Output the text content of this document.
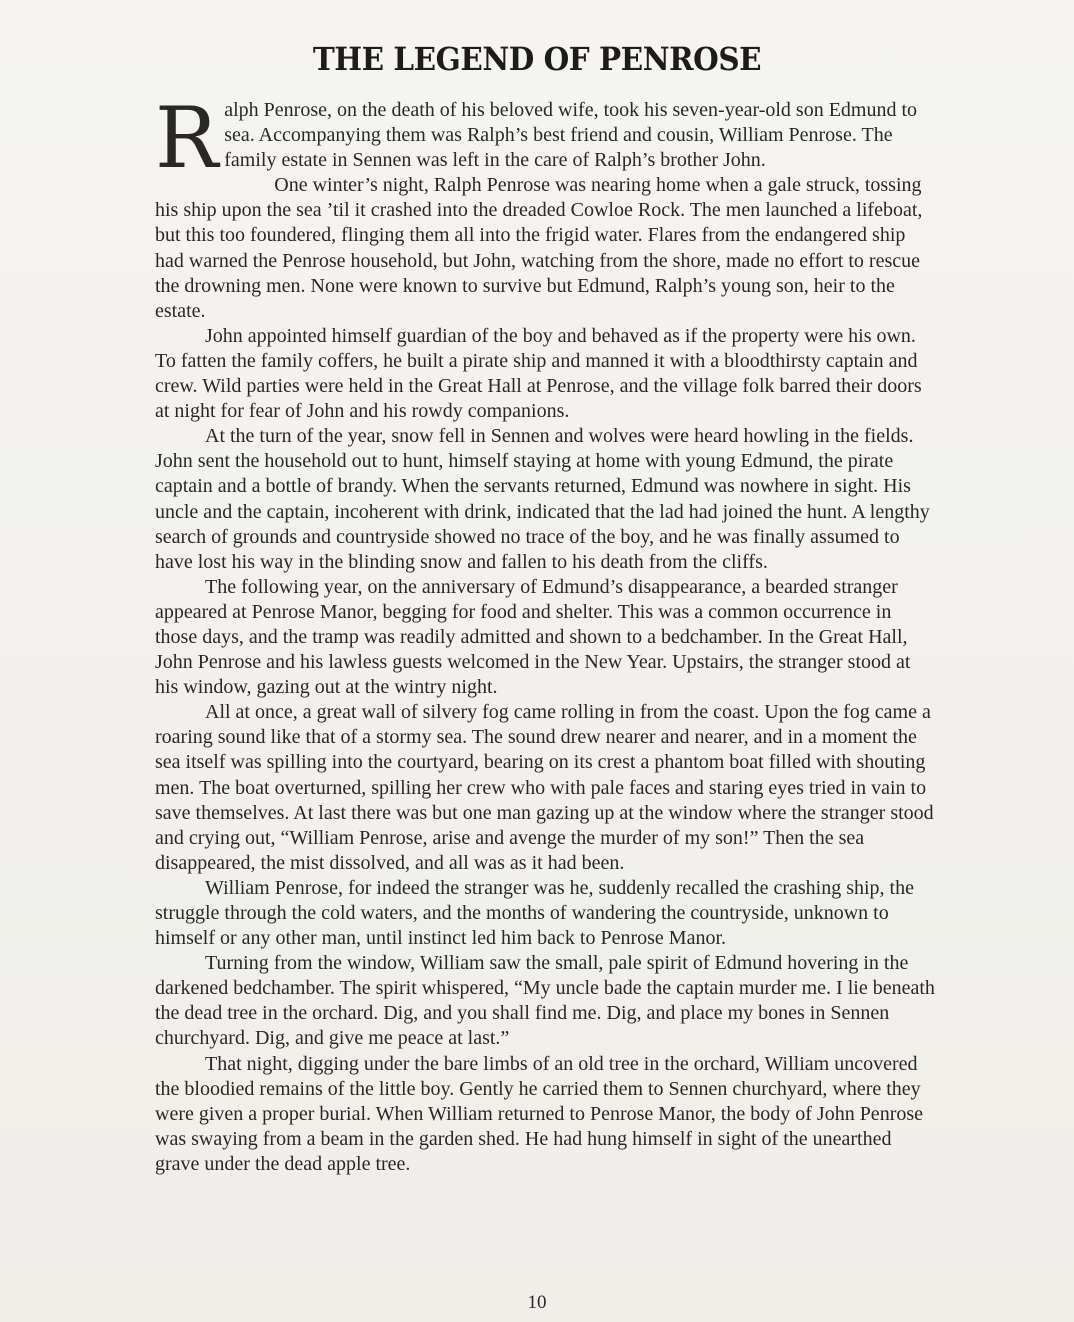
THE LEGEND OF PENROSE

Ralph Penrose, on the death of his beloved wife, took his seven-year-old son Edmund to sea. Accompanying them was Ralph’s best friend and cousin, William Penrose. The family estate in Sennen was left in the care of Ralph’s brother John.

One winter’s night, Ralph Penrose was nearing home when a gale struck, tossing his ship upon the sea ’til it crashed into the dreaded Cowloe Rock. The men launched a lifeboat, but this too foundered, flinging them all into the frigid water. Flares from the endangered ship had warned the Penrose household, but John, watching from the shore, made no effort to rescue the drowning men. None were known to survive but Edmund, Ralph’s young son, heir to the estate.

John appointed himself guardian of the boy and behaved as if the property were his own. To fatten the family coffers, he built a pirate ship and manned it with a bloodthirsty captain and crew. Wild parties were held in the Great Hall at Penrose, and the village folk barred their doors at night for fear of John and his rowdy companions.

At the turn of the year, snow fell in Sennen and wolves were heard howling in the fields. John sent the household out to hunt, himself staying at home with young Edmund, the pirate captain and a bottle of brandy. When the servants returned, Edmund was nowhere in sight. His uncle and the captain, incoherent with drink, indicated that the lad had joined the hunt. A lengthy search of grounds and countryside showed no trace of the boy, and he was finally assumed to have lost his way in the blinding snow and fallen to his death from the cliffs.

The following year, on the anniversary of Edmund’s disappearance, a bearded stranger appeared at Penrose Manor, begging for food and shelter. This was a common occurrence in those days, and the tramp was readily admitted and shown to a bedchamber. In the Great Hall, John Penrose and his lawless guests welcomed in the New Year. Upstairs, the stranger stood at his window, gazing out at the wintry night.

All at once, a great wall of silvery fog came rolling in from the coast. Upon the fog came a roaring sound like that of a stormy sea. The sound drew nearer and nearer, and in a moment the sea itself was spilling into the courtyard, bearing on its crest a phantom boat filled with shouting men. The boat overturned, spilling her crew who with pale faces and staring eyes tried in vain to save themselves. At last there was but one man gazing up at the window where the stranger stood and crying out, “William Penrose, arise and avenge the murder of my son!” Then the sea disappeared, the mist dissolved, and all was as it had been.

William Penrose, for indeed the stranger was he, suddenly recalled the crashing ship, the struggle through the cold waters, and the months of wandering the countryside, unknown to himself or any other man, until instinct led him back to Penrose Manor.

Turning from the window, William saw the small, pale spirit of Edmund hovering in the darkened bedchamber. The spirit whispered, “My uncle bade the captain murder me. I lie beneath the dead tree in the orchard. Dig, and you shall find me. Dig, and place my bones in Sennen churchyard. Dig, and give me peace at last.”

That night, digging under the bare limbs of an old tree in the orchard, William uncovered the bloodied remains of the little boy. Gently he carried them to Sennen churchyard, where they were given a proper burial. When William returned to Penrose Manor, the body of John Penrose was swaying from a beam in the garden shed. He had hung himself in sight of the unearthed grave under the dead apple tree.

10
